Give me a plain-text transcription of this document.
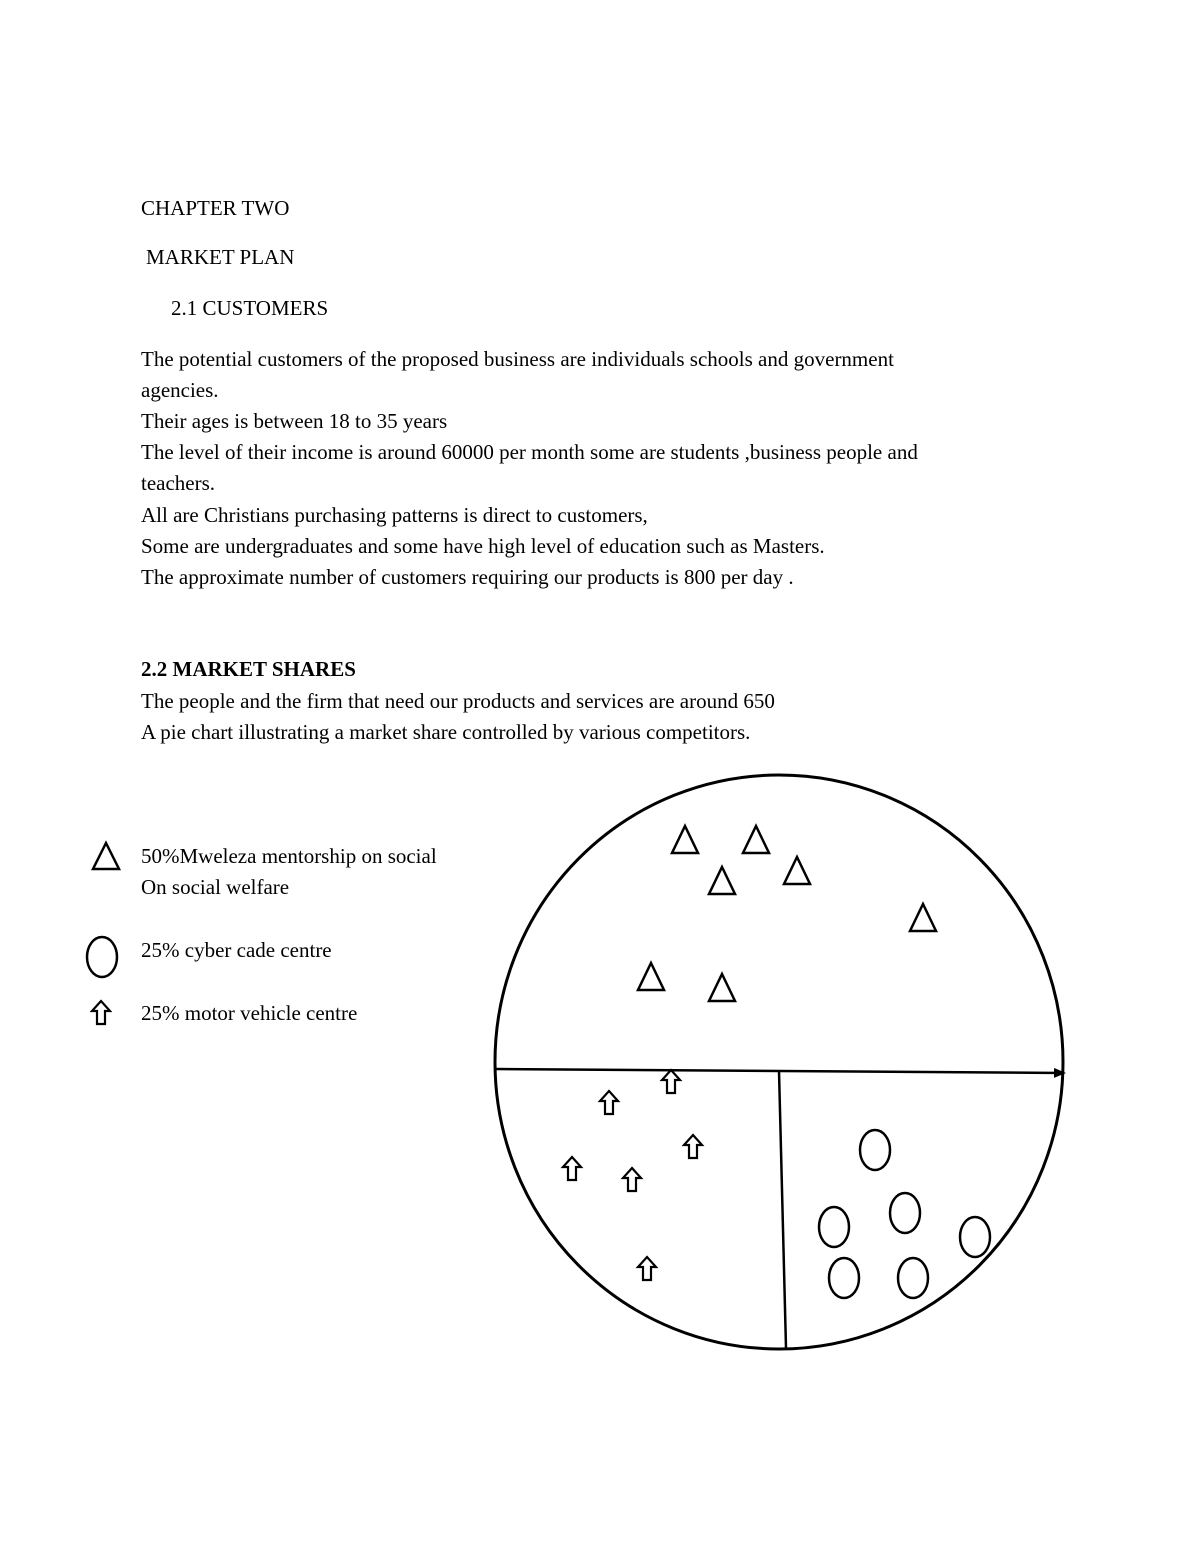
CHAPTER TWO
MARKET PLAN
2.1 CUSTOMERS
The potential customers of the proposed business are individuals schools and government
agencies.
Their ages is between 18 to 35 years
The level of their income is around 60000 per month some are students ,business people and
teachers.
All are Christians purchasing patterns is direct to customers,
Some are undergraduates and some have high level of education such as Masters.
The approximate number of customers requiring our products is 800 per day .
2.2 MARKET SHARES
The people and the firm that need our products and services are around 650
A pie chart illustrating a market share controlled by various competitors.
50%Mweleza mentorship on social
On social welfare
25% cyber cade centre
25% motor vehicle centre
